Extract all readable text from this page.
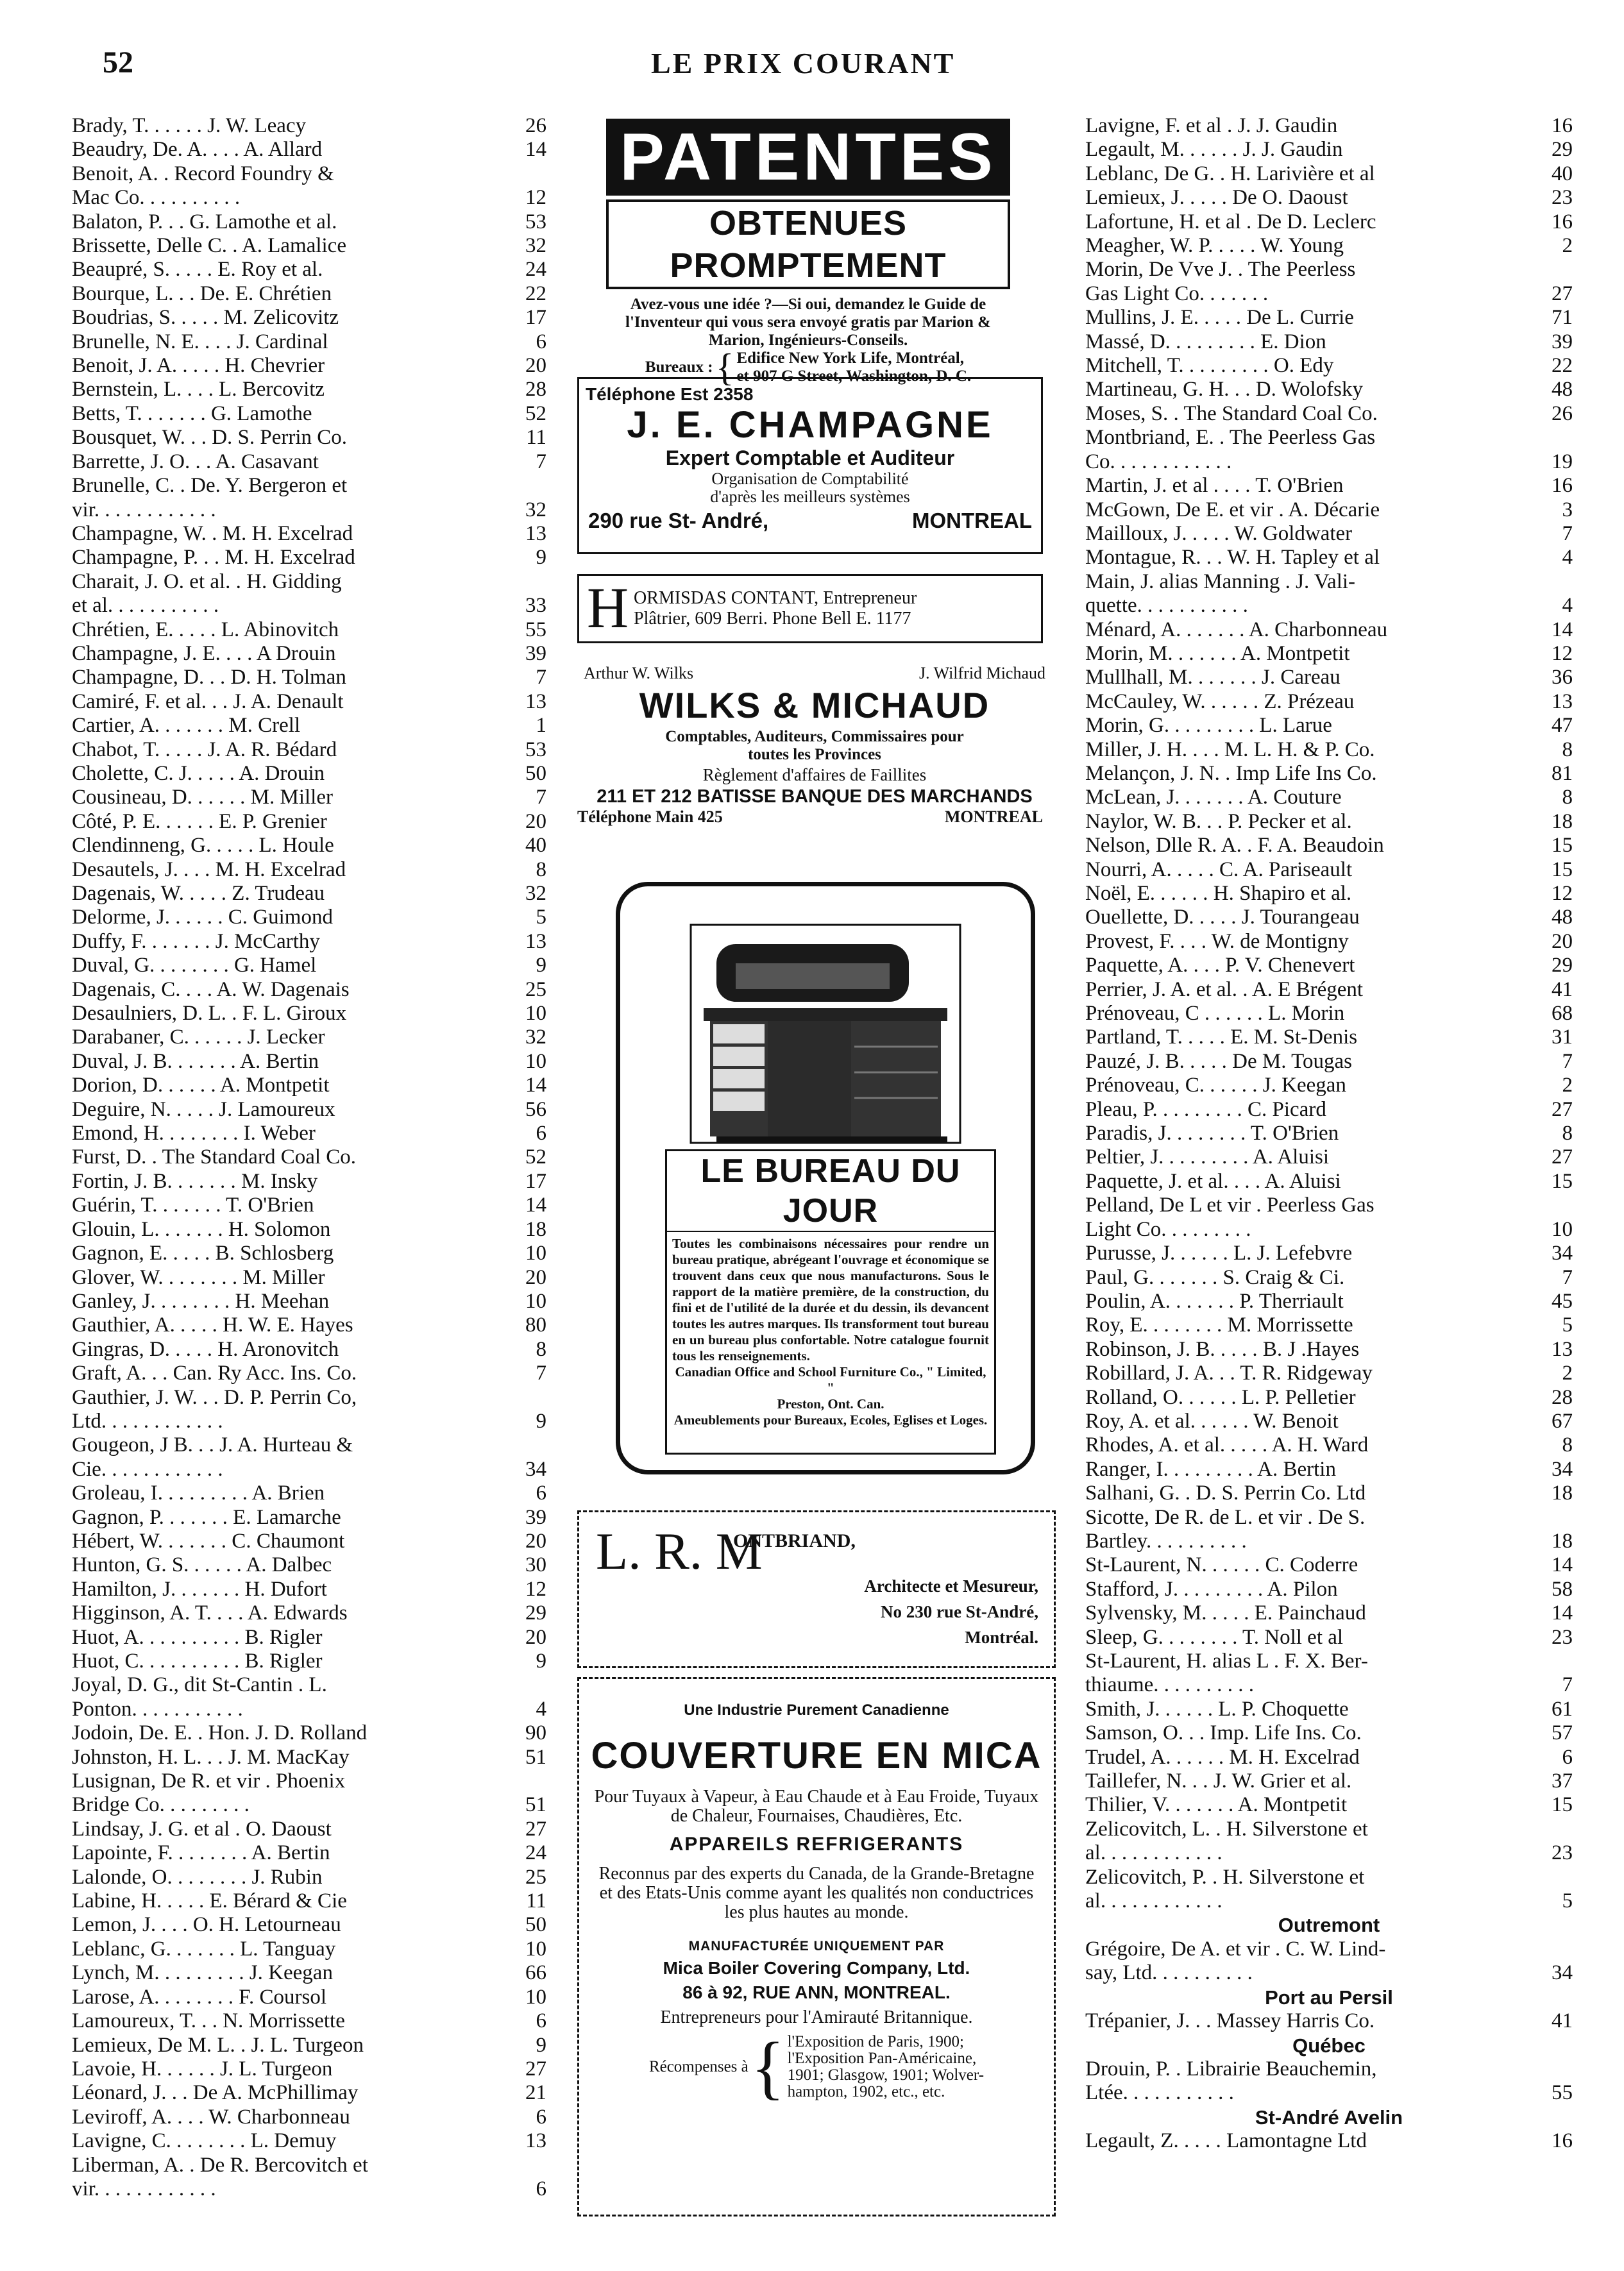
52	LE PRIX COURANT
Brady, T. . . . . . J. W. Leacy	26
Beaudry, De. A. . . . A. Allard	14
Benoit, A. . Record Foundry &
Mac Co. . . . . . . . . .	12
Balaton, P. . . G. Lamothe et al.	53
Brissette, Delle C. . A. Lamalice	32
Beaupré, S. . . . . E. Roy et al.	24
Bourque, L. . . De. E. Chrétien	22
Boudrias, S. . . . . M. Zelicovitz	17
Brunelle, N. E. . . . J. Cardinal	6
Benoit, J. A. . . . . H. Chevrier	20
Bernstein, L. . . . L. Bercovitz	28
Betts, T. . . . . . . G. Lamothe	52
Bousquet, W. . . D. S. Perrin Co.	11
Barrette, J. O. . . A. Casavant	7
Brunelle, C. . De. Y. Bergeron et
vir. . . . . . . . . . . .	32
Champagne, W. . M. H. Excelrad	13
Champagne, P. . . M. H. Excelrad	9
Charait, J. O. et al. . H. Gidding
et al. . . . . . . . . . .	33
Chrétien, E. . . . . L. Abinovitch	55
Champagne, J. E. . . . A Drouin	39
Champagne, D. . . D. H. Tolman	7
Camiré, F. et al. . . J. A. Denault	13
Cartier, A. . . . . . . M. Crell	1
Chabot, T. . . . . J. A. R. Bédard	53
Cholette, C. J. . . . . A. Drouin	50
Cousineau, D. . . . . . M. Miller	7
Côté, P. E. . . . . . E. P. Grenier	20
Clendinneng, G. . . . . L. Houle	40
Desautels, J. . . . M. H. Excelrad	8
Dagenais, W. . . . . Z. Trudeau	32
Delorme, J. . . . . . C. Guimond	5
Duffy, F. . . . . . . J. McCarthy	13
Duval, G. . . . . . . . G. Hamel	9
Dagenais, C. . . . A. W. Dagenais	25
Desaulniers, D. L. . F. L. Giroux	10
Darabaner, C. . . . . . J. Lecker	32
Duval, J. B. . . . . . . A. Bertin	10
Dorion, D. . . . . . A. Montpetit	14
Deguire, N. . . . . J. Lamoureux	56
Emond, H. . . . . . . . I. Weber	6
Furst, D. . The Standard Coal Co.	52
Fortin, J. B. . . . . . . M. Insky	17
Guérin, T. . . . . . . T. O'Brien	14
Glouin, L. . . . . . . H. Solomon	18
Gagnon, E. . . . . B. Schlosberg	10
Glover, W. . . . . . . . M. Miller	20
Ganley, J. . . . . . . . H. Meehan	10
Gauthier, A. . . . . H. W. E. Hayes	80
Gingras, D. . . . . H. Aronovitch	8
Graft, A. . . Can. Ry Acc. Ins. Co.	7
Gauthier, J. W. . . D. P. Perrin Co,
Ltd. . . . . . . . . . . .	9
Gougeon, J B. . . J. A. Hurteau &
Cie. . . . . . . . . . . .	34
Groleau, I. . . . . . . . . A. Brien	6
Gagnon, P. . . . . . . E. Lamarche	39
Hébert, W. . . . . . . C. Chaumont	20
Hunton, G. S. . . . . . A. Dalbec	30
Hamilton, J. . . . . . . H. Dufort	12
Higginson, A. T. . . . A. Edwards	29
Huot, A. . . . . . . . . . B. Rigler	20
Huot, C. . . . . . . . . . B. Rigler	9
Joyal, D. G., dit St-Cantin . L.
Ponton. . . . . . . . . . .	4
Jodoin, De. E. . Hon. J. D. Rolland	90
Johnston, H. L. . . J. M. MacKay	51
Lusignan, De R. et vir . Phoenix
Bridge Co. . . . . . . . .	51
Lindsay, J. G. et al . O. Daoust	27
Lapointe, F. . . . . . . . A. Bertin	24
Lalonde, O. . . . . . . . J. Rubin	25
Labine, H. . . . . E. Bérard & Cie	11
Lemon, J. . . . O. H. Letourneau	50
Leblanc, G. . . . . . . L. Tanguay	10
Lynch, M. . . . . . . . . J. Keegan	66
Larose, A. . . . . . . . F. Coursol	10
Lamoureux, T. . . N. Morrissette	6
Lemieux, De M. L. . J. L. Turgeon	9
Lavoie, H. . . . . . J. L. Turgeon	27
Léonard, J. . . De A. McPhillimay	21
Leviroff, A. . . . W. Charbonneau	6
Lavigne, C. . . . . . . . L. Demuy	13
Liberman, A. . De R. Bercovitch et
vir. . . . . . . . . . . .	6
Lavigne, F. et al . J. J. Gaudin	16
Legault, M. . . . . . J. J. Gaudin	29
Leblanc, De G. . H. Larivière et al	40
Lemieux, J. . . . . De O. Daoust	23
Lafortune, H. et al . De D. Leclerc	16
Meagher, W. P. . . . . W. Young	2
Morin, De Vve J. . The Peerless
Gas Light Co. . . . . . .	27
Mullins, J. E. . . . . De L. Currie	71
Massé, D. . . . . . . . . E. Dion	39
Mitchell, T. . . . . . . . . O. Edy	22
Martineau, G. H. . . D. Wolofsky	48
Moses, S. . The Standard Coal Co.	26
Montbriand, E. . The Peerless Gas
Co. . . . . . . . . . . .	19
Martin, J. et al . . . . T. O'Brien	16
McGown, De E. et vir . A. Décarie	3
Mailloux, J. . . . . W. Goldwater	7
Montague, R. . . W. H. Tapley et al	4
Main, J. alias Manning . J. Vali-
quette. . . . . . . . . . .	4
Ménard, A. . . . . . . A. Charbonneau	14
Morin, M. . . . . . . A. Montpetit	12
Mullhall, M. . . . . . . J. Careau	36
McCauley, W. . . . . . Z. Prézeau	13
Morin, G. . . . . . . . . L. Larue	47
Miller, J. H. . . . M. L. H. & P. Co.	8
Melançon, J. N. . Imp Life Ins Co.	81
McLean, J. . . . . . . A. Couture	8
Naylor, W. B. . . P. Pecker et al.	18
Nelson, Dlle R. A. . F. A. Beaudoin	15
Nourri, A. . . . . C. A. Pariseault	15
Noël, E. . . . . . H. Shapiro et al.	12
Ouellette, D. . . . . J. Tourangeau	48
Provest, F. . . . W. de Montigny	20
Paquette, A. . . . P. V. Chenevert	29
Perrier, J. A. et al. . A. E Brégent	41
Prénoveau, C . . . . . . L. Morin	68
Partland, T. . . . . E. M. St-Denis	31
Pauzé, J. B. . . . . De M. Tougas	7
Prénoveau, C. . . . . . J. Keegan	2
Pleau, P. . . . . . . . . C. Picard	27
Paradis, J. . . . . . . . T. O'Brien	8
Peltier, J. . . . . . . . . A. Aluisi	27
Paquette, J. et al. . . . A. Aluisi	15
Pelland, De L et vir . Peerless Gas
Light Co. . . . . . . . .	10
Purusse, J. . . . . . L. J. Lefebvre	34
Paul, G. . . . . . . S. Craig & Ci.	7
Poulin, A. . . . . . . P. Therriault	45
Roy, E. . . . . . . . M. Morrissette	5
Robinson, J. B. . . . . B. J .Hayes	13
Robillard, J. A. . . T. R. Ridgeway	2
Rolland, O. . . . . . L. P. Pelletier	28
Roy, A. et al. . . . . . W. Benoit	67
Rhodes, A. et al. . . . . A. H. Ward	8
Ranger, I. . . . . . . . . A. Bertin	34
Salhani, G. . D. S. Perrin Co. Ltd	18
Sicotte, De R. de L. et vir . De S.
Bartley. . . . . . . . . .	18
St-Laurent, N. . . . . . C. Coderre	14
Stafford, J. . . . . . . . . A. Pilon	58
Sylvensky, M. . . . . E. Painchaud	14
Sleep, G. . . . . . . . T. Noll et al	23
St-Laurent, H. alias L . F. X. Ber-
thiaume. . . . . . . . . .	7
Smith, J. . . . . . L. P. Choquette	61
Samson, O. . . Imp. Life Ins. Co.	57
Trudel, A. . . . . . M. H. Excelrad	6
Taillefer, N. . . J. W. Grier et al.	37
Thilier, V. . . . . . . A. Montpetit	15
Zelicovitch, L. . H. Silverstone et
al. . . . . . . . . . . .	23
Zelicovitch, P. . H. Silverstone et
al. . . . . . . . . . . .	5
Outremont
Grégoire, De A. et vir . C. W. Lind-
say, Ltd. . . . . . . . . .	34
Port au Persil
Trépanier, J. . . Massey Harris Co.	41
Québec
Drouin, P. . Librairie Beauchemin,
Ltée. . . . . . . . . . .	55
St-André Avelin
Legault, Z. . . . . Lamontagne Ltd	16
PATENTES
OBTENUES PROMPTEMENT
Avez-vous une idée ?—Si oui, demandez le Guide de l'Inventeur qui vous sera envoyé gratis par Marion & Marion, Ingénieurs-Conseils.
Bureaux : { Edifice New York Life, Montréal,
et 907 G Street, Washington, D. C.
Téléphone Est 2358
J. E. CHAMPAGNE
Expert Comptable et Auditeur
Organisation de Comptabilité
d'après les meilleurs systèmes
290 rue St- André,	MONTREAL
H ORMISDAS CONTANT, Entrepreneur
Plâtrier, 609 Berri. Phone Bell E. 1177
Arthur W. Wilks	J. Wilfrid Michaud
WILKS & MICHAUD
Comptables, Auditeurs, Commissaires pour
toutes les Provinces
Règlement d'affaires de Faillites
211 ET 212 BATISSE BANQUE DES MARCHANDS
Téléphone Main 425	MONTREAL
LE BUREAU DU JOUR
Toutes les combinaisons nécessaires pour rendre un bureau pratique, abrégeant l'ouvrage et économique se trouvent dans ceux que nous manufacturons. Sous le rapport de la matière première, de la construction, du fini et de l'utilité de la durée et du dessin, ils devancent toutes les autres marques. Ils transforment tout bureau en un bureau plus confortable. Notre catalogue fournit tous les renseignements.
Canadian Office and School Furniture Co., " Limited, "
Preston, Ont. Can.
Ameublements pour Bureaux, Ecoles, Eglises et Loges.
L. R. M
ONTBRIAND,
Architecte et Mesureur,
No 230 rue St-André,
Montréal.
Une Industrie Purement Canadienne
COUVERTURE EN MICA
Pour Tuyaux à Vapeur, à Eau Chaude et à Eau Froide, Tuyaux de Chaleur, Fournaises, Chaudières, Etc.
APPAREILS REFRIGERANTS
Reconnus par des experts du Canada, de la Grande-Bretagne et des Etats-Unis comme ayant les qualités non conductrices les plus hautes au monde.
MANUFACTURÉE UNIQUEMENT PAR
Mica Boiler Covering Company, Ltd.
86 à 92, RUE ANN, MONTREAL.
Entrepreneurs pour l'Amirauté Britannique.
Récompenses à { l'Exposition de Paris, 1900;
l'Exposition Pan-Américaine,
1901; Glasgow, 1901; Wolver-
hampton, 1902, etc., etc.
